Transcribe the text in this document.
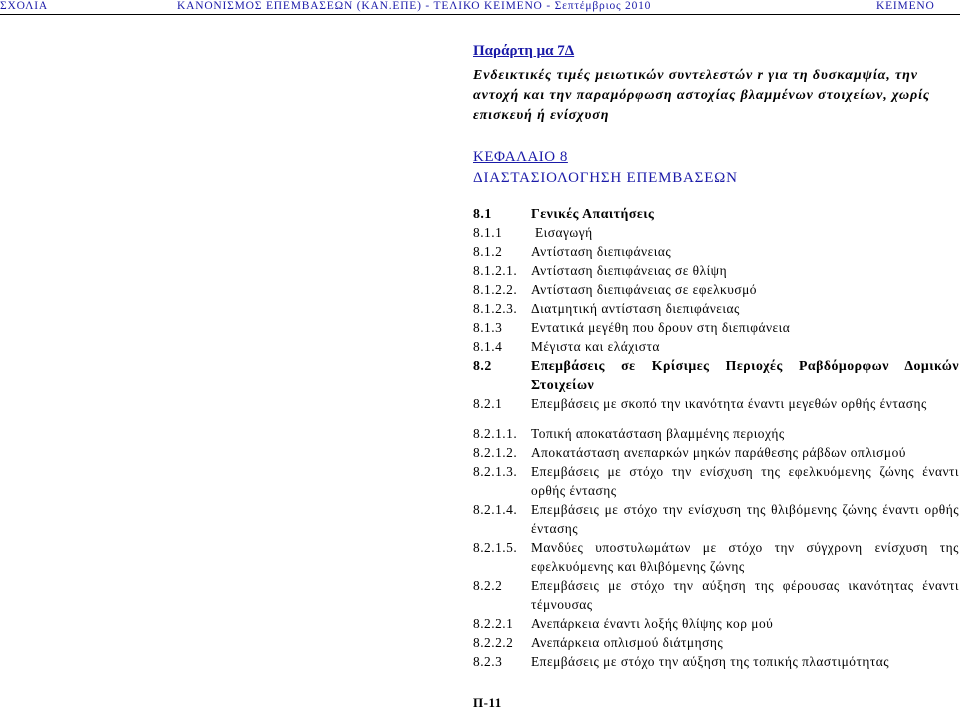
ΣΧΟΛΙΑ	ΚΑΝΟΝΙΣΜΟΣ ΕΠΕΜΒΑΣΕΩΝ (ΚΑΝ.ΕΠΕ) - ΤΕΛΙΚΟ ΚΕΙΜΕΝΟ - Σεπτέμβριος 2010	ΚΕΙΜΕΝΟ

Παράρτη μα 7Δ

Ενδεικτικές τιμές μειωτικών συντελεστών r για τη δυσκαμψία, την αντοχή και την παραμόρφωση αστοχίας βλαμμένων στοιχείων, χωρίς επισκευή ή ενίσχυση

ΚΕΦΑΛΑΙΟ 8

ΔΙΑΣΤΑΣΙΟΛΟΓΗΣΗ ΕΠΕΜΒΑΣΕΩΝ

8.1	Γενικές Απαιτήσεις
8.1.1	Εισαγωγή
8.1.2	Αντίσταση διεπιφάνειας
8.1.2.1.	Αντίσταση διεπιφάνειας σε θλίψη
8.1.2.2.	Αντίσταση διεπιφάνειας σε εφελκυσμό
8.1.2.3.	Διατμητική αντίσταση διεπιφάνειας
8.1.3	Εντατικά μεγέθη που δρουν στη διεπιφάνεια
8.1.4	Μέγιστα και ελάχιστα
8.2	Επεμβάσεις σε Κρίσιμες Περιοχές Ραβδόμορφων Δομικών Στοιχείων
8.2.1	Επεμβάσεις με σκοπό την ικανότητα έναντι μεγεθών ορθής έντασης
8.2.1.1.	Τοπική αποκατάσταση βλαμμένης περιοχής
8.2.1.2.	Αποκατάσταση ανεπαρκών μηκών παράθεσης ράβδων οπλισμού
8.2.1.3.	Επεμβάσεις με στόχο την ενίσχυση της εφελκυόμενης ζώνης έναντι ορθής έντασης
8.2.1.4.	Επεμβάσεις με στόχο την ενίσχυση της θλιβόμενης ζώνης έναντι ορθής έντασης
8.2.1.5.	Μανδύες υποστυλωμάτων με στόχο την σύγχρονη ενίσχυση της εφελκυόμενης και θλιβόμενης ζώνης
8.2.2	Επεμβάσεις με στόχο την αύξηση της φέρουσας ικανότητας έναντι τέμνουσας
8.2.2.1	Ανεπάρκεια έναντι λοξής θλίψης κορ μού
8.2.2.2	Ανεπάρκεια οπλισμού διάτμησης
8.2.3	Επεμβάσεις με στόχο την αύξηση της τοπικής πλαστιμότητας
Π-11
